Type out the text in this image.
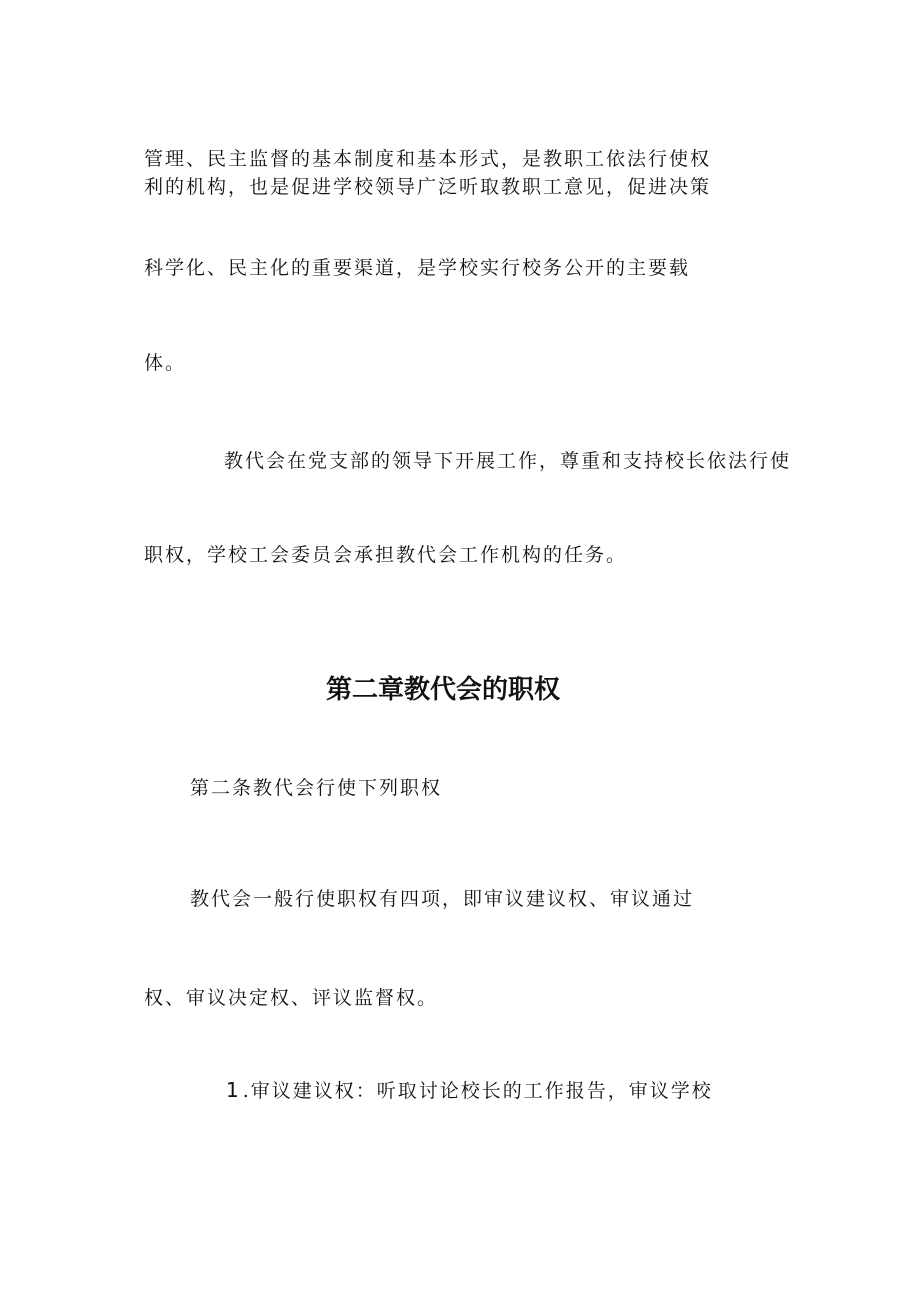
管理、民主监督的基本制度和基本形式，是教职工依法行使权
利的机构，也是促进学校领导广泛听取教职工意见，促进决策
科学化、民主化的重要渠道，是学校实行校务公开的主要载
体。
教代会在党支部的领导下开展工作，尊重和支持校长依法行使
职权，学校工会委员会承担教代会工作机构的任务。
第二章教代会的职权
第二条教代会行使下列职权
教代会一般行使职权有四项，即审议建议权、审议通过
权、审议决定权、评议监督权。
1 .审议建议权：听取讨论校长的工作报告，审议学校
